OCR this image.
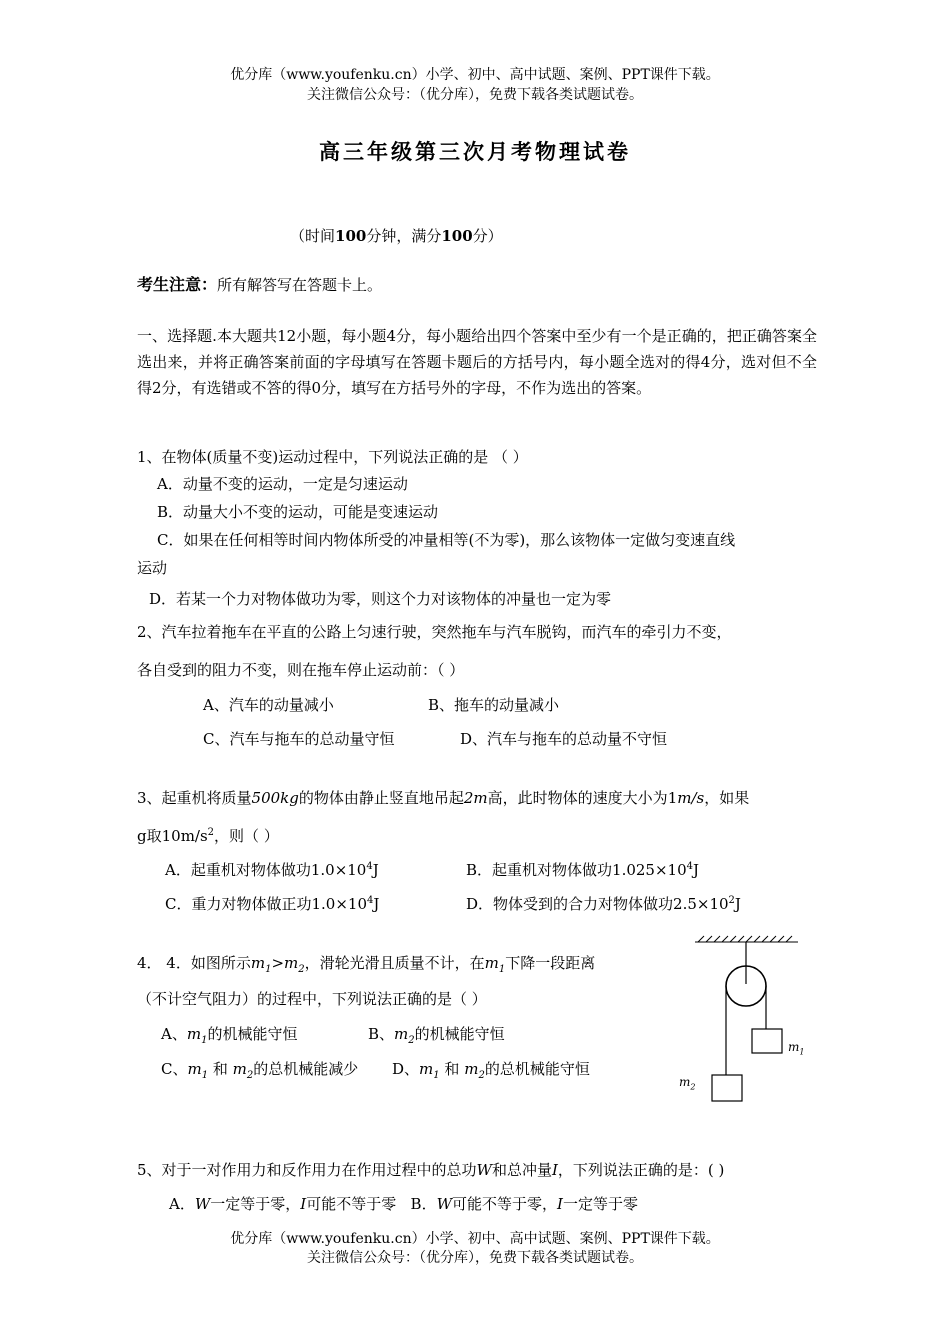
优分库（www.youfenku.cn）小学、初中、高中试题、案例、PPT课件下载。
关注微信公众号：（优分库），免费下载各类试题试卷。
高三年级第三次月考物理试卷
（时间100分钟，满分100分）
考生注意：所有解答写在答题卡上。
一、选择题.本大题共12小题，每小题4分，每小题给出四个答案中至少有一个是正确的，把正确答案全选出来，并将正确答案前面的字母填写在答题卡题后的方括号内，每小题全选对的得4分，选对但不全得2分，有选错或不答的得0分，填写在方括号外的字母，不作为选出的答案。
1、在物体(质量不变)运动过程中，下列说法正确的是 （ ）
A．动量不变的运动，一定是匀速运动
B．动量大小不变的运动，可能是变速运动
C．如果在任何相等时间内物体所受的冲量相等(不为零)，那么该物体一定做匀变速直线
运动
D．若某一个力对物体做功为零，则这个力对该物体的冲量也一定为零
2、汽车拉着拖车在平直的公路上匀速行驶，突然拖车与汽车脱钩，而汽车的牵引力不变，
各自受到的阻力不变，则在拖车停止运动前：（ ）
A、汽车的动量减小	B、拖车的动量减小
C、汽车与拖车的总动量守恒	D、汽车与拖车的总动量不守恒
3、起重机将质量500kg的物体由静止竖直地吊起2m高，此时物体的速度大小为1m/s，如果
g取$10m/s^2$，则（ ）
A．起重机对物体做功$1.0\times 10^4J$	B．起重机对物体做功$1.025\times 10^4J$
C．重力对物体做正功$1.0\times 10^4J$	D．物体受到的合力对物体做功$2.5\times 10^2J$
4． 4．如图所示$m_1>m_2$，滑轮光滑且质量不计，在$m_1$下降一段距离
（不计空气阻力）的过程中，下列说法正确的是（ ）
A、$m_1$的机械能守恒	B、$m_2$的机械能守恒
C、$m_1$ 和 $m_2$的总机械能减少 D、$m_1$ 和 $m_2$的总机械能守恒
$m_1$
$m_2$
5、对于一对作用力和反作用力在作用过程中的总功W和总冲量I，下列说法正确的是：( )
A．W一定等于零，I可能不等于零 B．W可能不等于零，I一定等于零
优分库（www.youfenku.cn）小学、初中、高中试题、案例、PPT课件下载。
关注微信公众号：（优分库），免费下载各类试题试卷。
